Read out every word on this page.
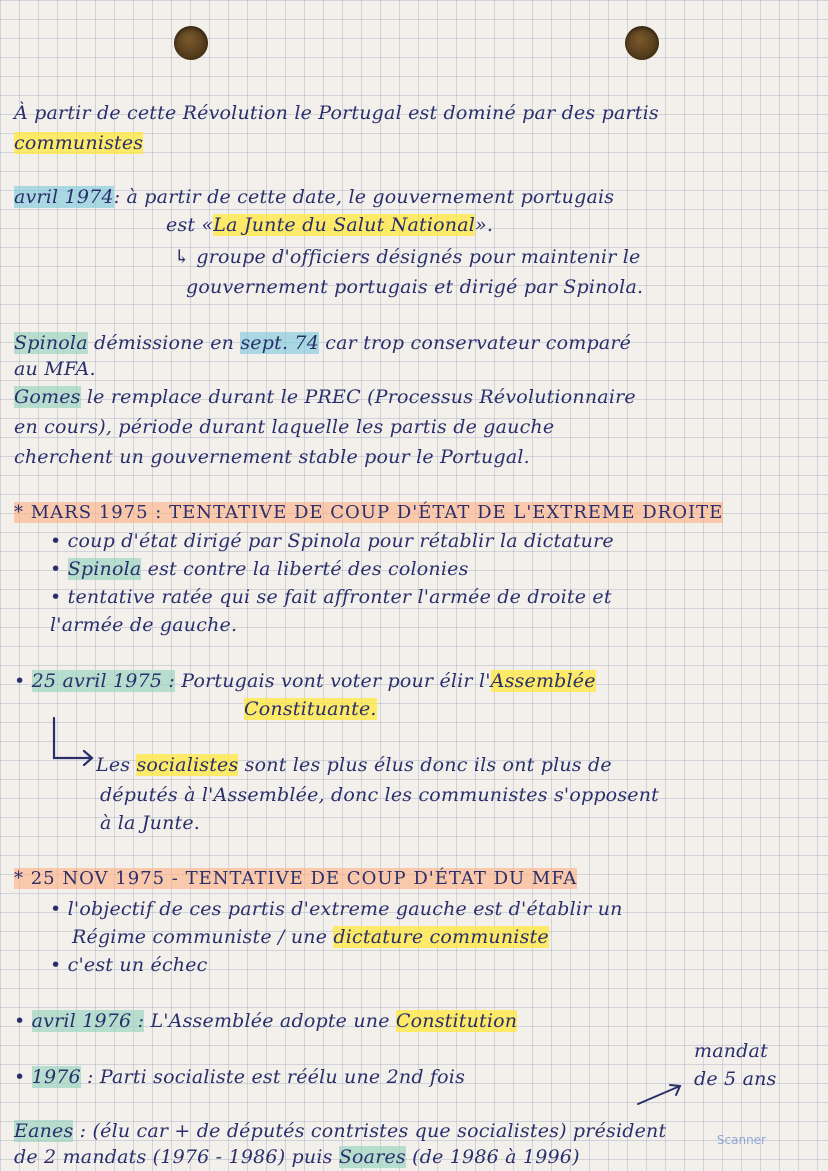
À partir de cette Révolution le Portugal est dominé par des partis
communistes
avril 1974: à partir de cette date, le gouvernement portugais
est «La Junte du Salut National».
↳ groupe d'officiers désignés pour maintenir le
gouvernement portugais et dirigé par Spinola.
Spinola démissione en sept. 74 car trop conservateur comparé
au MFA.
Gomes le remplace durant le PREC (Processus Révolutionnaire
en cours), période durant laquelle les partis de gauche
cherchent un gouvernement stable pour le Portugal.
* MARS 1975 : TENTATIVE DE COUP D'ÉTAT DE L'EXTREME DROITE
• coup d'état dirigé par Spinola pour rétablir la dictature
• Spinola est contre la liberté des colonies
• tentative ratée qui se fait affronter l'armée de droite et
l'armée de gauche.
• 25 avril 1975 : Portugais vont voter pour élir l'Assemblée
Constituante.
Les socialistes sont les plus élus donc ils ont plus de
députés à l'Assemblée, donc les communistes s'opposent
à la Junte.
* 25 NOV 1975 - TENTATIVE DE COUP D'ÉTAT DU MFA
• l'objectif de ces partis d'extreme gauche est d'établir un
Régime communiste / une dictature communiste
• c'est un échec
• avril 1976 : L'Assemblée adopte une Constitution
• 1976 : Parti socialiste est réélu une 2nd fois
mandat
de 5 ans
Eanes : (élu car + de députés contristes que socialistes) président
de 2 mandats (1976 - 1986) puis Soares (de 1986 à 1996)
Scanner
